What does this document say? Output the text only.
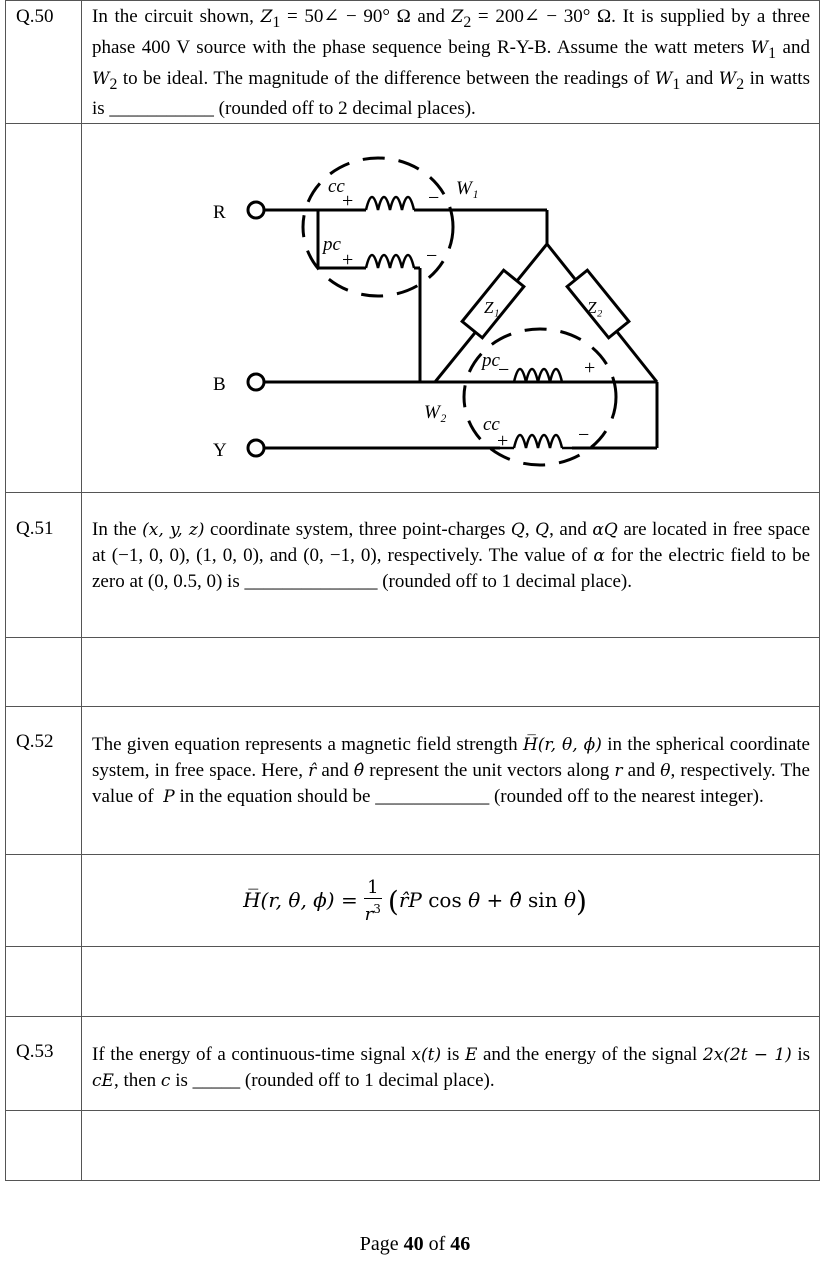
Q.50 In the circuit shown, $Z_1$ = 50∠ − 90° Ω and $Z_2$ = 200∠ − 30° Ω. It is supplied by a three phase 400 V source with the phase sequence being R-Y-B. Assume the watt meters $W_1$ and $W_2$ to be ideal. The magnitude of the difference between the readings of $W_1$ and $W_2$ in watts is ___________ (rounded off to 2 decimal places).
R
B
Y
W₁
W₂
cc
pc
pc
cc
Z₁	Z₂
+	−
+	−
−	+
+	−
Q.51 In the (x, y, z) coordinate system, three point-charges Q, Q, and αQ are located in free space at (−1, 0, 0), (1, 0, 0), and (0, −1, 0), respectively. The value of α for the electric field to be zero at (0, 0.5, 0) is ______________ (rounded off to 1 decimal place).
Q.52 The given equation represents a magnetic field strength H̅(r, θ, ϕ) in the spherical coordinate system, in free space. Here, r̂ and θ̂ represent the unit vectors along r and θ, respectively. The value of  P in the equation should be ____________ (rounded off to the nearest integer).
H̅(r, θ, $\phi) = \frac{1}{r^3}$ (r̂P cos θ + θ̂ sin θ)
Q.53 If the energy of a continuous-time signal x(t) is E and the energy of the signal 2x(2t − 1) is cE, then c is _____ (rounded off to 1 decimal place).
Page 40 of 46
